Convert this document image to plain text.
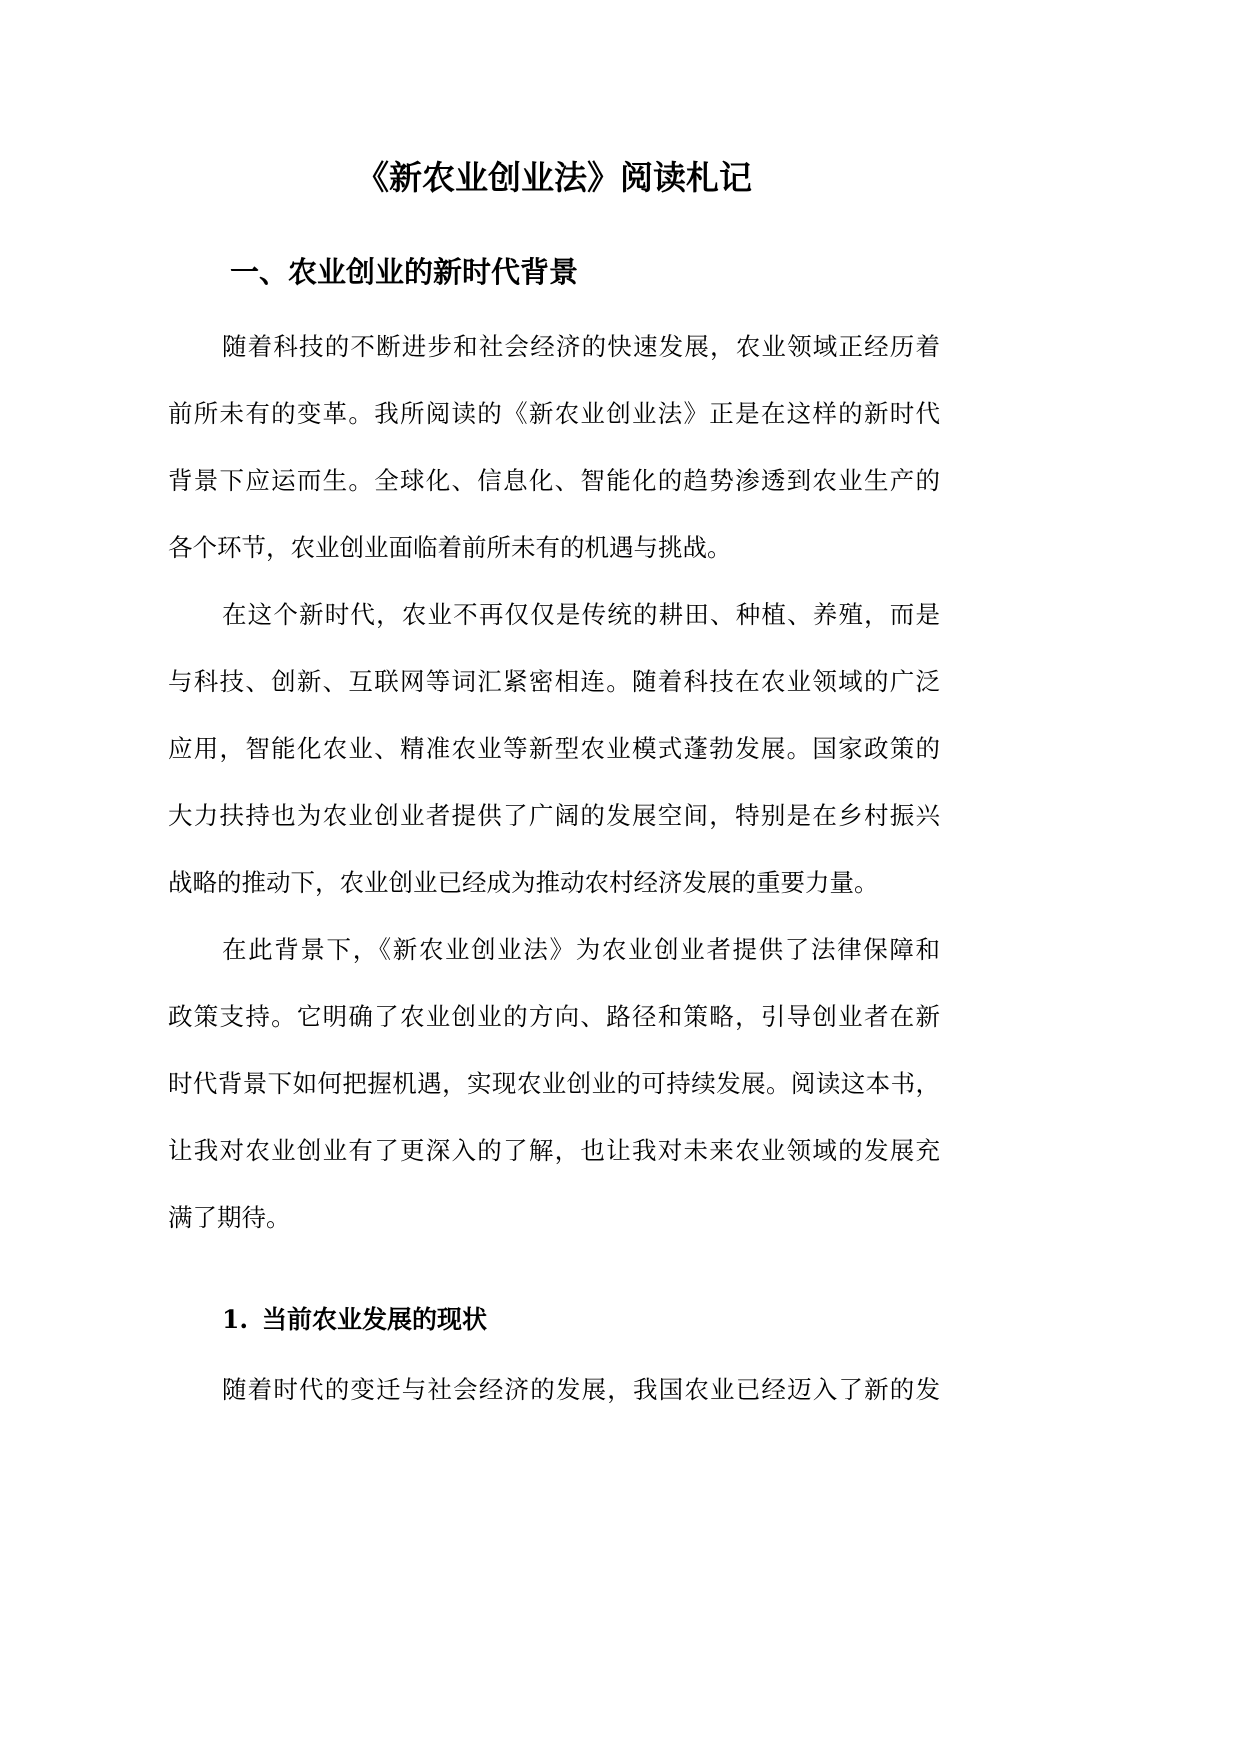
《新农业创业法》阅读札记
一、农业创业的新时代背景
随着科技的不断进步和社会经济的快速发展，农业领域正经历着
前所未有的变革。我所阅读的《新农业创业法》正是在这样的新时代
背景下应运而生。全球化、信息化、智能化的趋势渗透到农业生产的
各个环节，农业创业面临着前所未有的机遇与挑战。
在这个新时代，农业不再仅仅是传统的耕田、种植、养殖，而是
与科技、创新、互联网等词汇紧密相连。随着科技在农业领域的广泛
应用，智能化农业、精准农业等新型农业模式蓬勃发展。国家政策的
大力扶持也为农业创业者提供了广阔的发展空间，特别是在乡村振兴
战略的推动下，农业创业已经成为推动农村经济发展的重要力量。
在此背景下，《新农业创业法》为农业创业者提供了法律保障和
政策支持。它明确了农业创业的方向、路径和策略，引导创业者在新
时代背景下如何把握机遇，实现农业创业的可持续发展。阅读这本书，
让我对农业创业有了更深入的了解，也让我对未来农业领域的发展充
满了期待。
1. 当前农业发展的现状
随着时代的变迁与社会经济的发展，我国农业已经迈入了新的发
